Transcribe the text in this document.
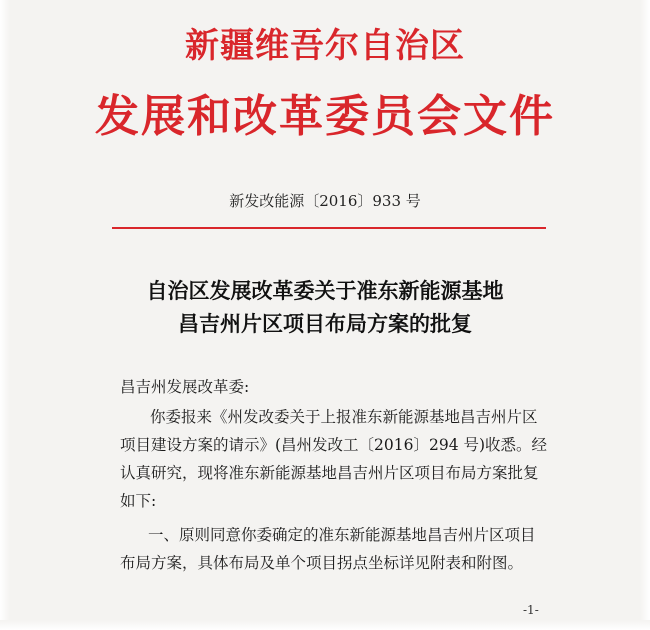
新疆维吾尔自治区
发展和改革委员会文件
新发改能源〔2016〕933 号
自治区发展改革委关于准东新能源基地
昌吉州片区项目布局方案的批复
昌吉州发展改革委:
你委报来《州发改委关于上报准东新能源基地昌吉州片区
项目建设方案的请示》(昌州发改工〔2016〕294 号)收悉。经
认真研究，现将准东新能源基地昌吉州片区项目布局方案批复
如下:
一、原则同意你委确定的准东新能源基地昌吉州片区项目
布局方案，具体布局及单个项目拐点坐标详见附表和附图。
-1-
